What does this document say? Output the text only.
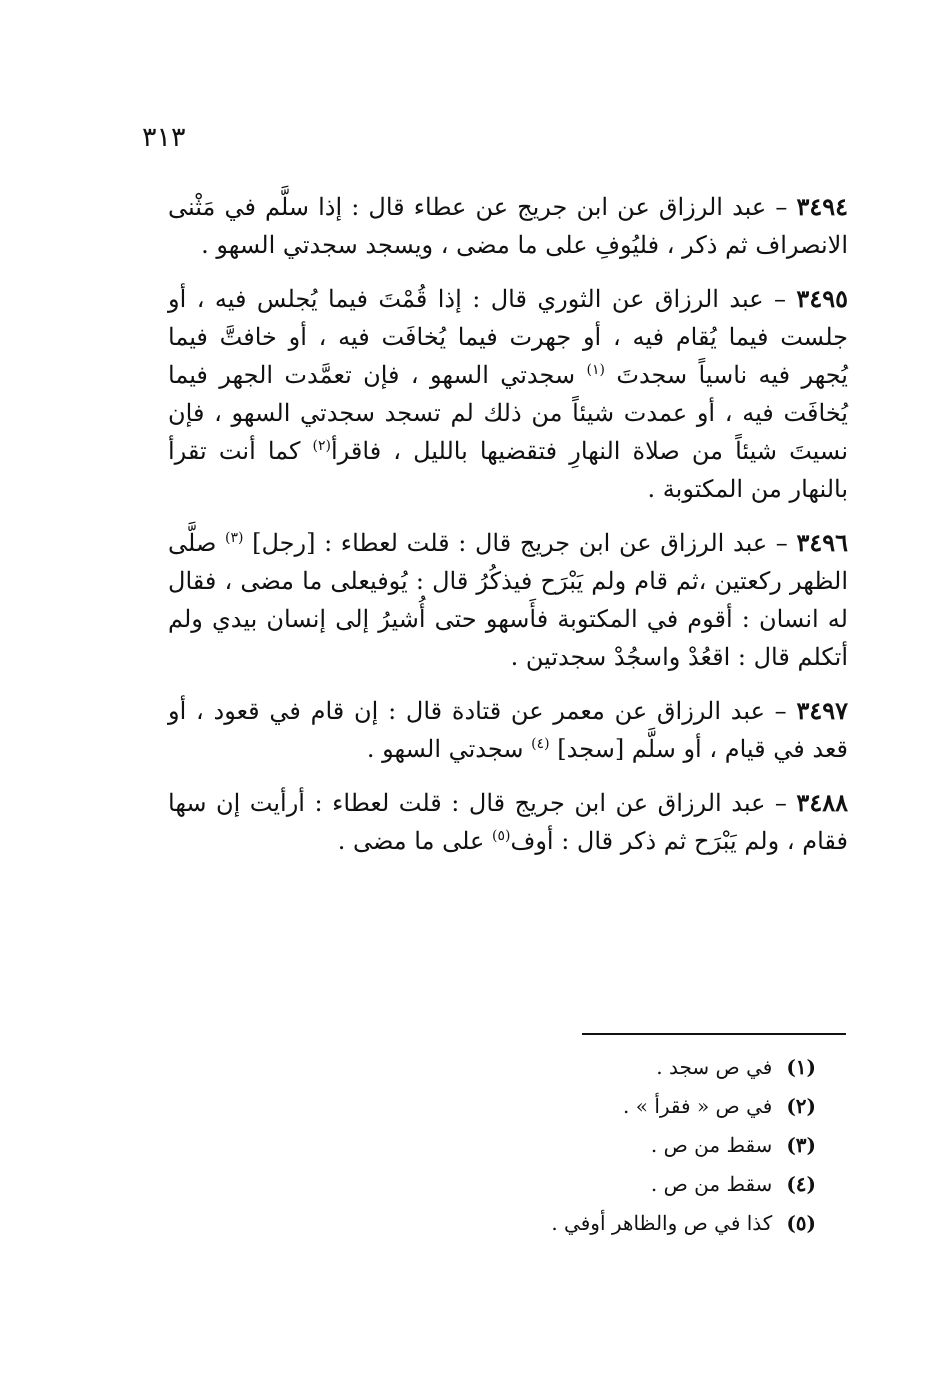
٣١٣

٣٤٩٤ – عبد الرزاق عن ابن جريج عن عطاء قال : إذا سلَّم في مَثْنى الانصراف ثم ذكر ، فليُوفِ على ما مضى ، ويسجد سجدتي السهو .

٣٤٩٥ – عبد الرزاق عن الثوري قال : إذا قُمْتَ فيما يُجلس فيه ، أو جلست فيما يُقام فيه ، أو جهرت فيما يُخافَت فيه ، أو خافتَّ فيما يُجهر فيه ناسياً سجدتَ $^{(١)}$ سجدتي السهو ، فإن تعمَّدت الجهر فيما يُخافَت فيه ، أو عمدت شيئاً من ذلك لم تسجد سجدتي السهو ، فإن نسيتَ شيئاً من صلاة النهارِ فتقضيها بالليل ، فاقرأ$^{(٢)}$ كما أنت تقرأ بالنهار من المكتوبة .

٣٤٩٦ – عبد الرزاق عن ابن جريج قال : قلت لعطاء : [رجل] $^{(٣)}$ صلَّى الظهر ركعتين ،ثم قام ولم يَبْرَح فيذكُرُ قال : يُوفيعلى ما مضى ، فقال له انسان : أقوم في المكتوبة فأَسهو حتى أُشيرُ إلى إنسان بيدي ولم أتكلم قال : اقعُدْ واسجُدْ سجدتين .

٣٤٩٧ – عبد الرزاق عن معمر عن قتادة قال : إن قام في قعود ، أو قعد في قيام ، أو سلَّم [سجد] $^{(٤)}$ سجدتي السهو .

٣٤٨٨ – عبد الرزاق عن ابن جريج قال : قلت لعطاء : أرأيت إن سها فقام ، ولم يَبْرَح ثم ذكر قال : أوف$^{(٥)}$ على ما مضى .

(١)في ص سجد .
(٢)في ص « فقرأ » .
(٣)سقط من ص .
(٤)سقط من ص .
(٥)كذا في ص والظاهر أوفي .
